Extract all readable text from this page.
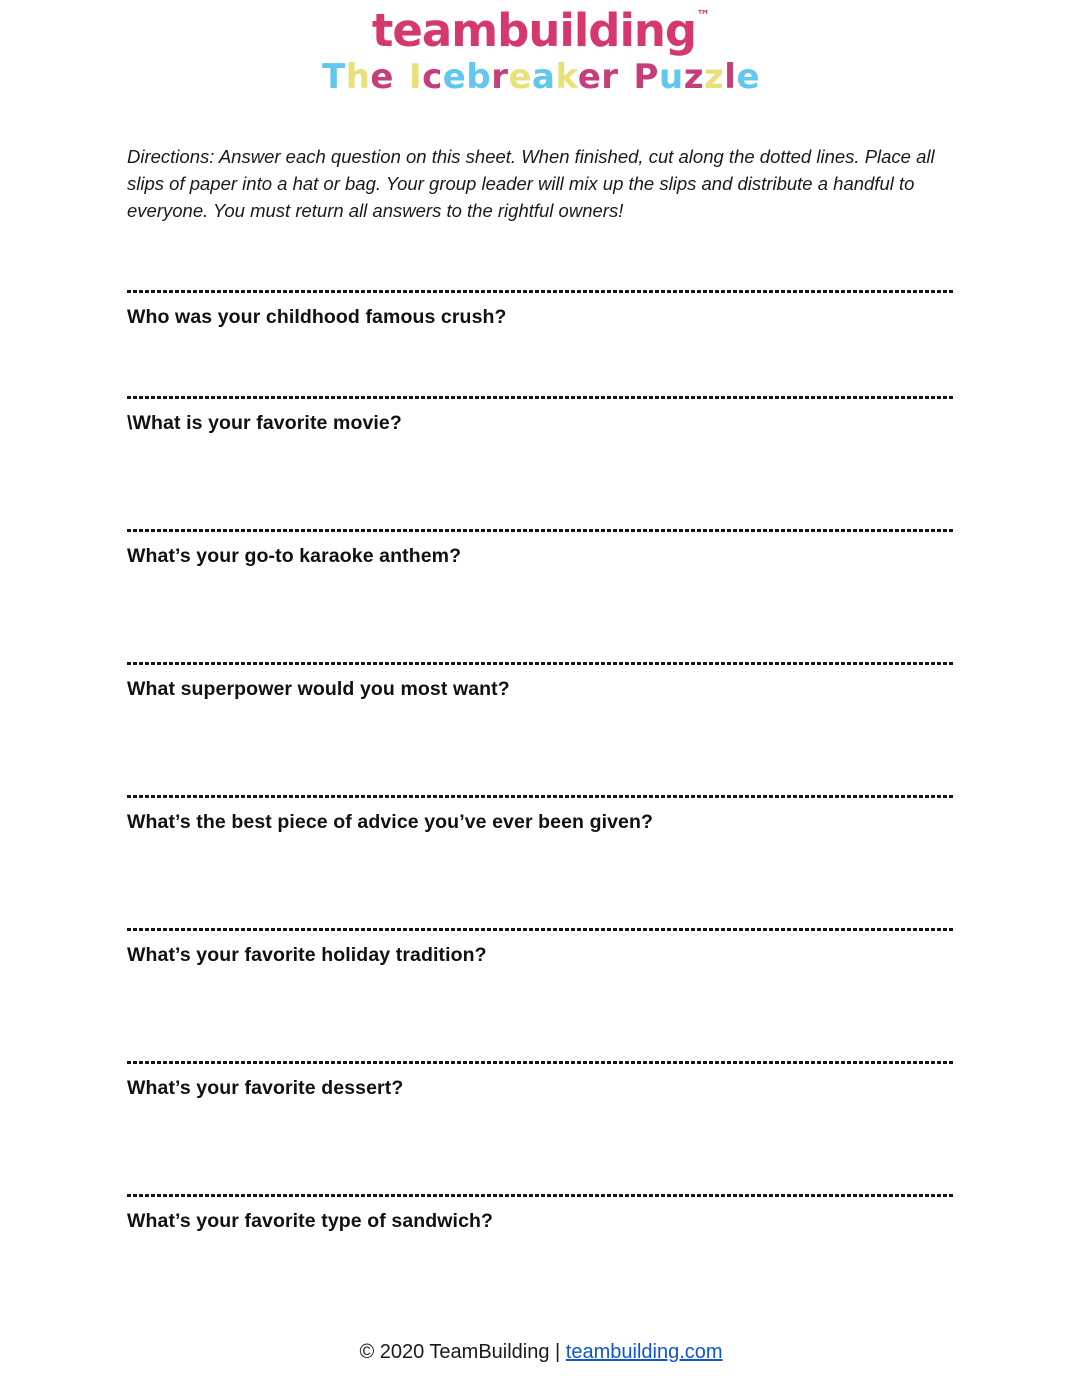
teambuilding™
The Icebreaker Puzzle

Directions: Answer each question on this sheet. When finished, cut along the dotted lines. Place all slips of paper into a hat or bag. Your group leader will mix up the slips and distribute a handful to everyone. You must return all answers to the rightful owners!

Who was your childhood famous crush?
\What is your favorite movie?
What’s your go-to karaoke anthem?
What superpower would you most want?
What’s the best piece of advice you’ve ever been given?
What’s your favorite holiday tradition?
What’s your favorite dessert?
What’s your favorite type of sandwich?
© 2020 TeamBuilding | teambuilding.com
